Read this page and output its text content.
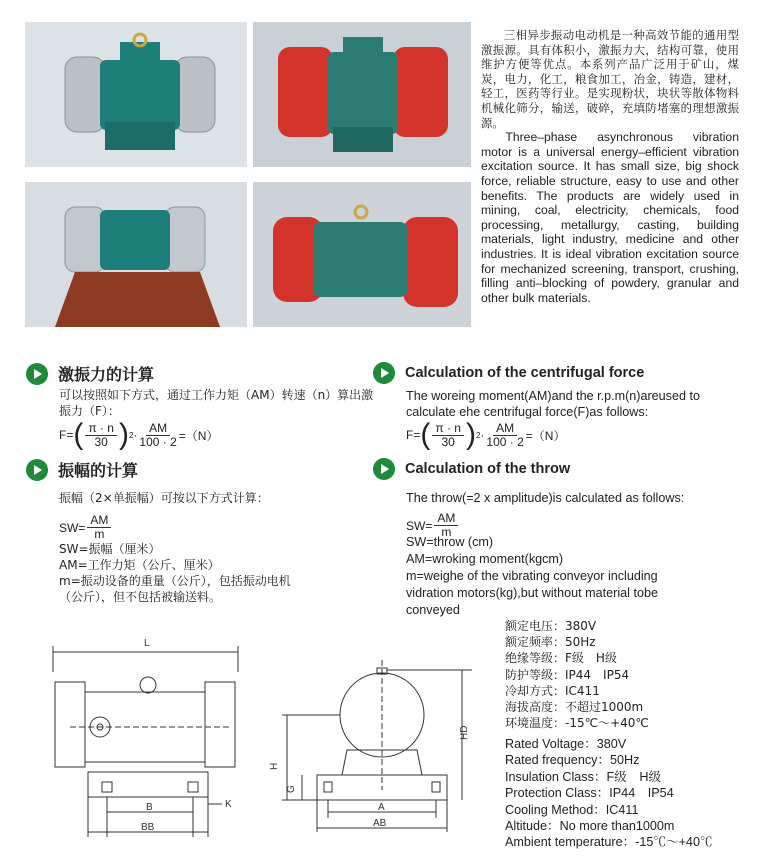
三相异步振动电动机是一种高效节能的通用型激振源。具有体积小，激振力大，结构可靠，使用维护方便等优点。本系列产品广泛用于矿山，煤炭，电力，化工，粮食加工，冶金，铸造，建材，轻工，医药等行业。是实现粉状，块状等散体物料机械化筛分，输送，破碎，充填防堵塞的理想激振源。

Three–phase asynchronous vibration motor is a universal energy–efficient vibration excitation source. It has small size, big shock force, reliable structure, easy to use and other benefits. The products are widely used in mining, coal, electricity, chemicals, food processing, metallurgy, casting, building materials, light industry, medicine and other industries. It is ideal vibration excitation source for mechanized screening, transport, crushing, filling anti–blocking of powdery, granular and other bulk materials.

激振力的计算
可以按照如下方式，通过工作力矩（AM）转速（n）算出激振力（F）：
F= ( $\frac{\pi \cdot n}{30}$ ) $2 \cdot \frac{AM}{100 \cdot 2} =(N)$
Calculation of the centrifugal force
The woreing moment(AM)and the r.p.m(n)areused to calculate ehe centrifugal force(F)as follows:
F= ( $\frac{\pi \cdot n}{30}$ ) $2 \cdot \frac{AM}{100 \cdot 2} =(N)$
振幅的计算
振幅（2×单振幅）可按以下方式计算：
$SW= \frac{AM}{m}$
SW=振幅（厘米）
AM=工作力矩（公斤、厘米）
m=振动设备的重量（公斤），包括振动电机
（公斤），但不包括被输送料。
Calculation of the throw
The throw(=2 x amplitude)is calculated as follows:
$SW= \frac{AM}{m}$
SW=throw (cm)
AM=wroking moment(kgcm)
m=weighe of the vibrating conveyor including
vidration motors(kg),but without material tobe
conveyed
L
B
BB
K
HD
H
G
A
AB
额定电压：380V
额定频率：50Hz
绝缘等级：F级　H级
防护等级：IP44　IP54
冷却方式：IC411
海拔高度：不超过1000m
环境温度：-15℃～+40℃
Rated Voltage：380V
Rated frequency：50Hz
Insulation Class：F级　H级
Protection Class：IP44　IP54
Cooling Method：IC411
Altitude：No more than1000m
Ambient temperature：-15℃～+40℃
